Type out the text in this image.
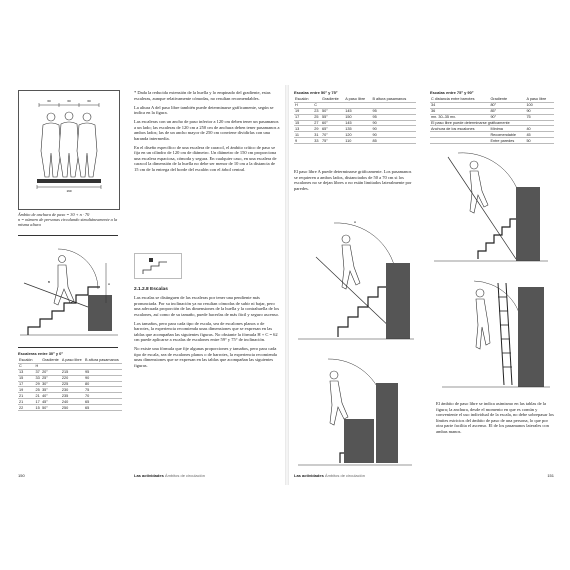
60	60	60
190
Ámbito de anchura de paso = 30 + n · 70
n = número de personas circulando simultáneamente a la misma altura
A
B
Escaleras entre 30° y 0°
Escalón		Gradiente	A paso libre	B altura pasamanos
C	H			
13	37	20°	215	95
15	33	25°	220	90
17	29	30°	225	80
19	25	35°	230	75
21	21	40°	235	70
21	17	45°	240	65
22	15	50°	250	65

* Dada la reducida extensión de la huella y lo empinado del gradiente, estas escaleras, aunque relativamente cómodas, no resultan recomendables.

La altura A del paso libre también puede determinarse gráficamente, según se indica en la figura.

Las escaleras con un ancho de paso inferior a 120 cm deben tener un pasamanos a un lado; las escaleras de 120 cm a 250 cm de anchura deben tener pasamanos a ambos lados; las de un ancho mayor de 250 cm conviene dividirlas con una baranda intermedia.

En el diseño específico de una escalera de caracol, el ámbito crítico de paso se fija en un cilindro de 120 cm de diámetro. Un diámetro de 150 cm proporciona una escalera espaciosa, cómoda y segura. En cualquier caso, en una escalera de caracol la dimensión de la huella no debe ser menor de 10 cm a la distancia de 15 cm de la entrega del borde del escalón con el árbol central.

2.1.2.8 Escalas

Las escalas se distinguen de las escaleras por tener una pendiente más pronunciada. Por su inclinación ya no resultan cómodas de subir ni bajar, pero una adecuada proporción de las dimensiones de la huella y la contrahuella de los escalones, así como de su tamaño, puede hacerlas de más fácil y seguro ascenso.

Los tamaños, pero para cada tipo de escala, sea de escalones planos o de barrotes, la experiencia recomienda unas dimensiones que se expresan en las tablas que acompañan las siguientes figuras. No obstante la fórmula H + C = 62 cm puede aplicarse a escalas de escalones entre 59° y 75° de inclinación.

No existe una fórmula que fije algunas proporciones y tamaños, pero para cada tipo de escala, sea de escalones planos o de barrotes, la experiencia recomienda unas dimensiones que se expresan en las tablas que acompañan las siguientes figuras.

150	Las actividades Ámbitos de circulación
Escalas entre 50° y 75°
Escalón		Gradiente	A paso libre	B altura pasamanos
H	C			
19	23	50°	145	95
17	25	55°	150	95
15	27	60°	145	90
13	29	65°	135	90
11	31	70°	120	90
9	33	75°	110	85
Escalas entre 75° y 90°
C distancia entre barrotes	Gradiente	A paso libre
34	80°	100
36	85°	90
mn. 30–35 mx.	90°	75
El paso libre puede determinarse gráficamente		
Anchura de los escalones	Mínima	40
	Recomendable	45
	Entre paredes	50

El paso libre A puede determinarse gráficamente. Los pasamanos se requieren a ambos lados, distanciados de 50 a 70 cm si los escalones no se dejan libres o no están limitados lateralmente por paredes.

A

El ámbito de paso libre se indica asimismo en las tablas de la figura; la anchura, desde el momento en que es común y conveniente el uso individual de la escala, no debe sobrepasar los límites estrictos del ámbito de paso de una persona, lo que por otra parte facilita el ascenso. El de los pasamanos laterales con ambas manos.

Las actividades Ámbitos de circulación	151
